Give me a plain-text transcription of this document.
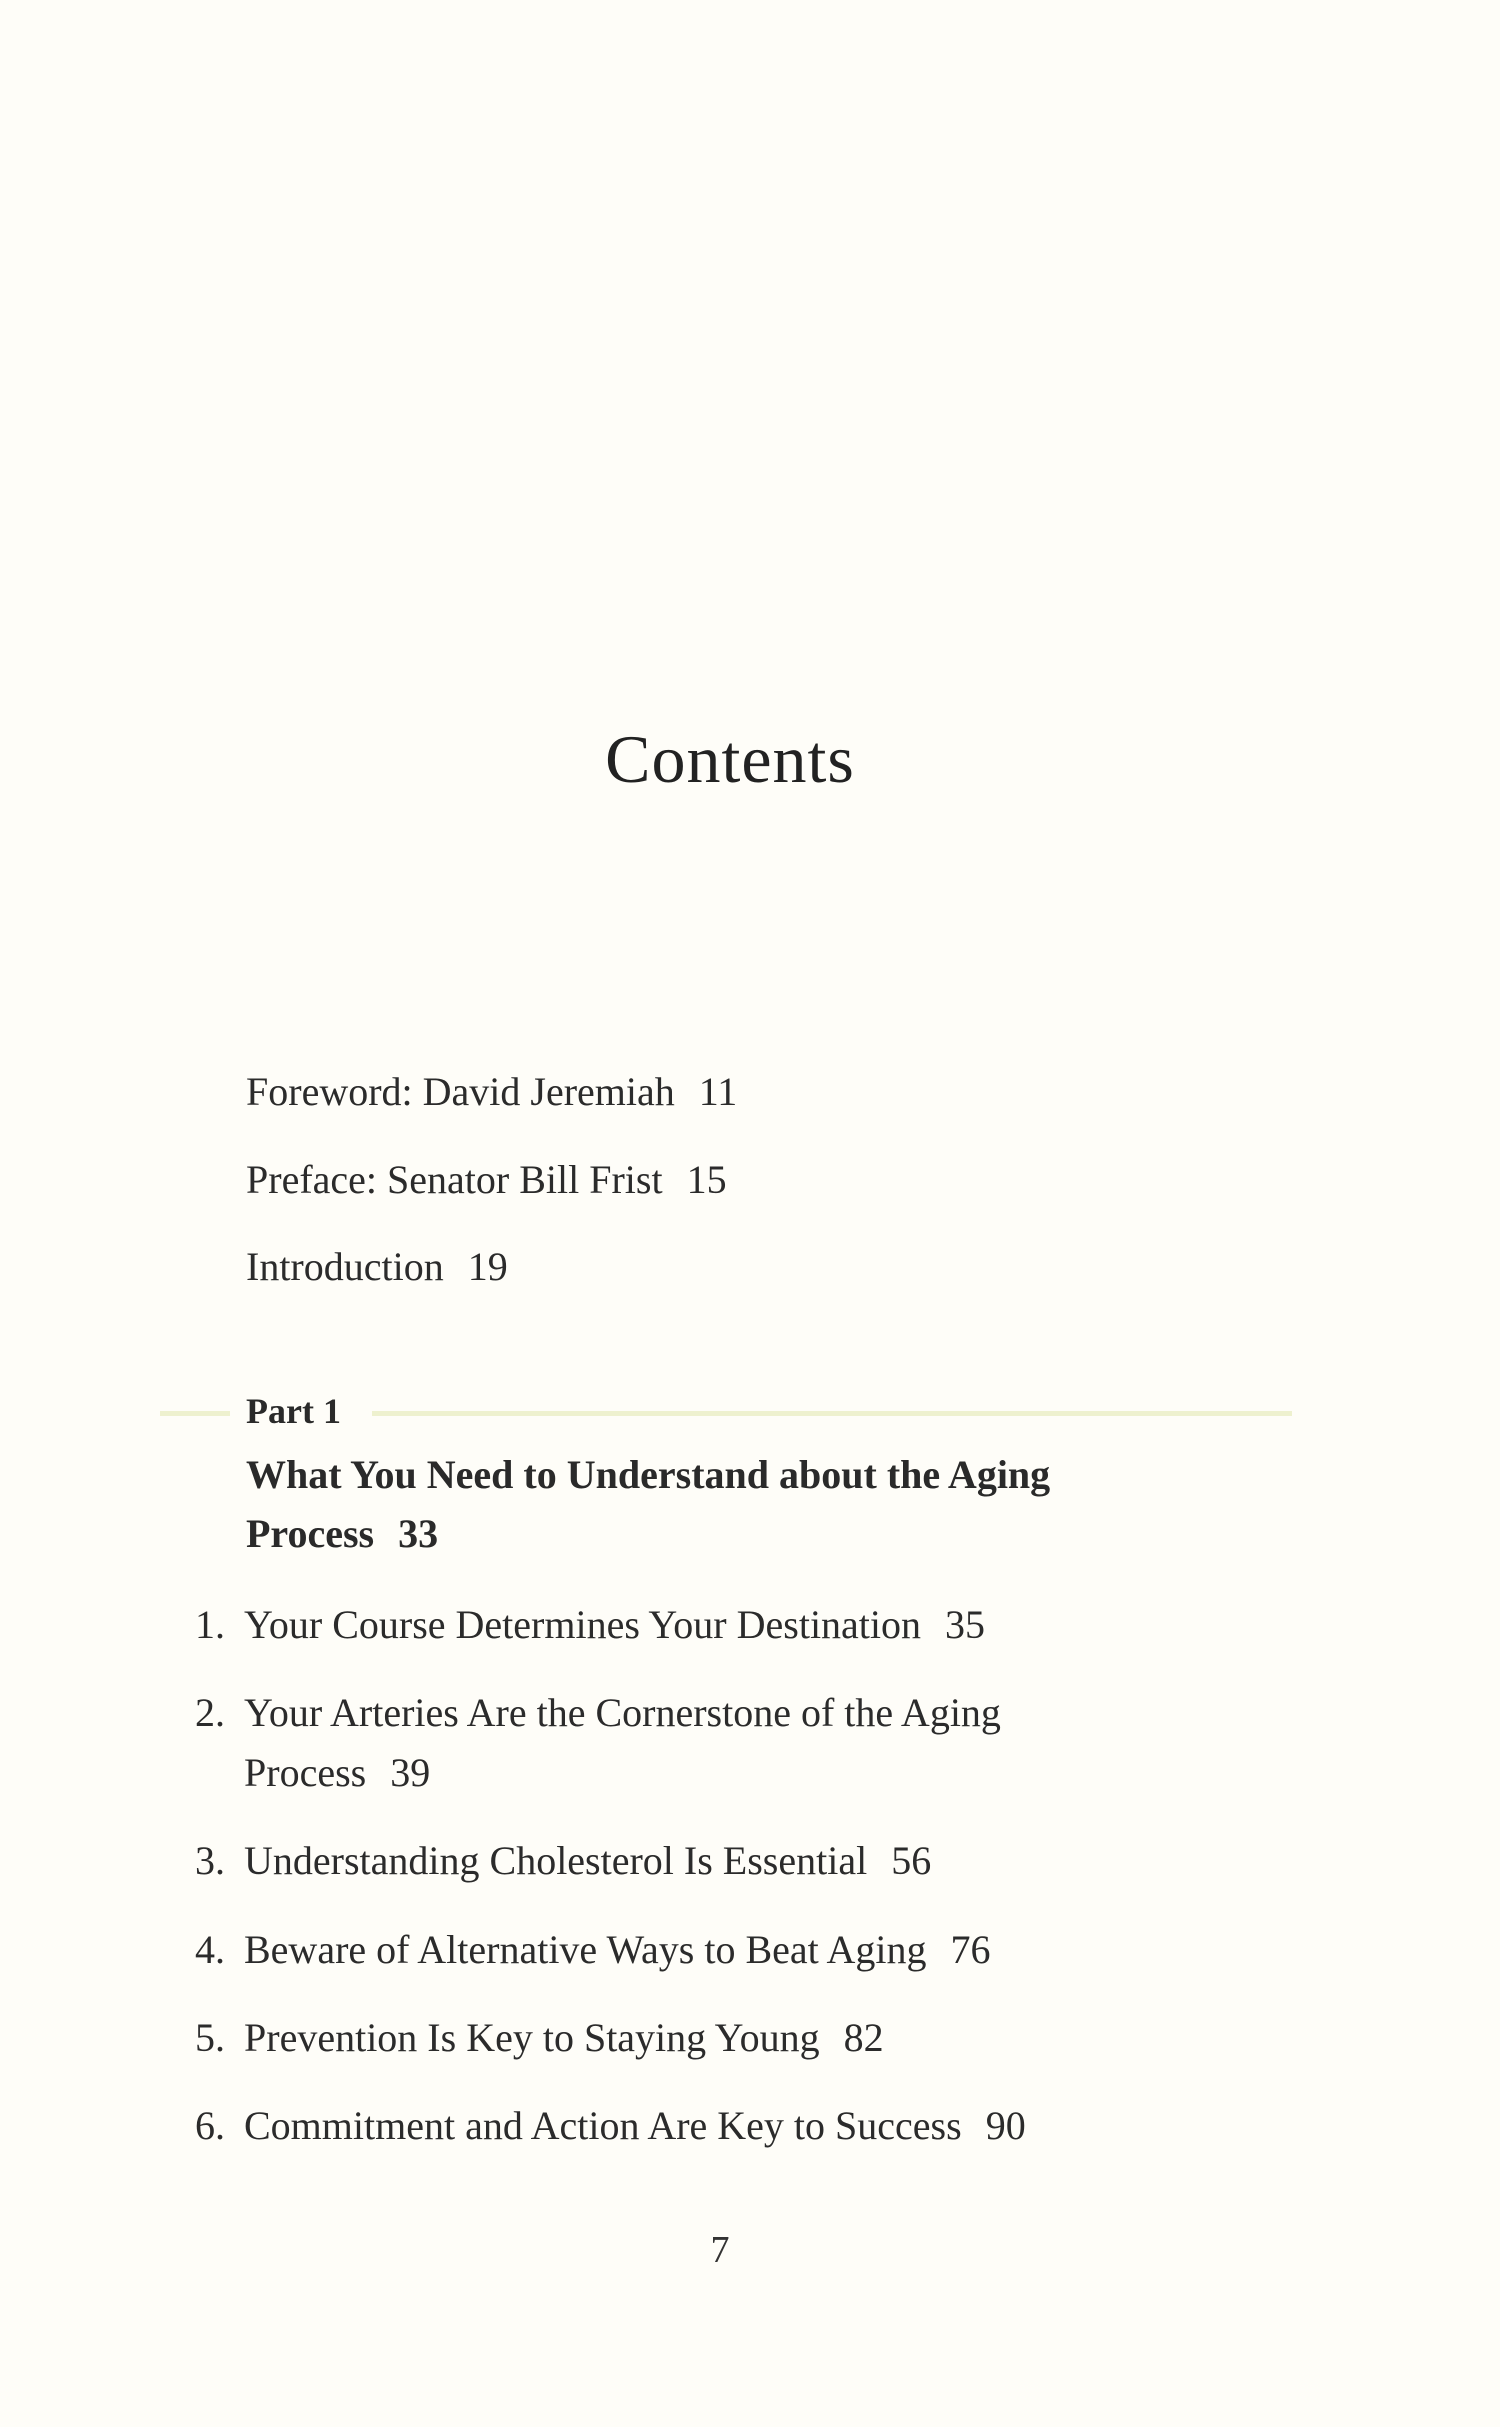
Contents
Foreword: David Jeremiah 11
Preface: Senator Bill Frist 15
Introduction 19
Part 1
What You Need to Understand about the Aging
Process 33
1. Your Course Determines Your Destination 35
2. Your Arteries Are the Cornerstone of the Aging
Process 39
3. Understanding Cholesterol Is Essential 56
4. Beware of Alternative Ways to Beat Aging 76
5. Prevention Is Key to Staying Young 82
6. Commitment and Action Are Key to Success 90
7
